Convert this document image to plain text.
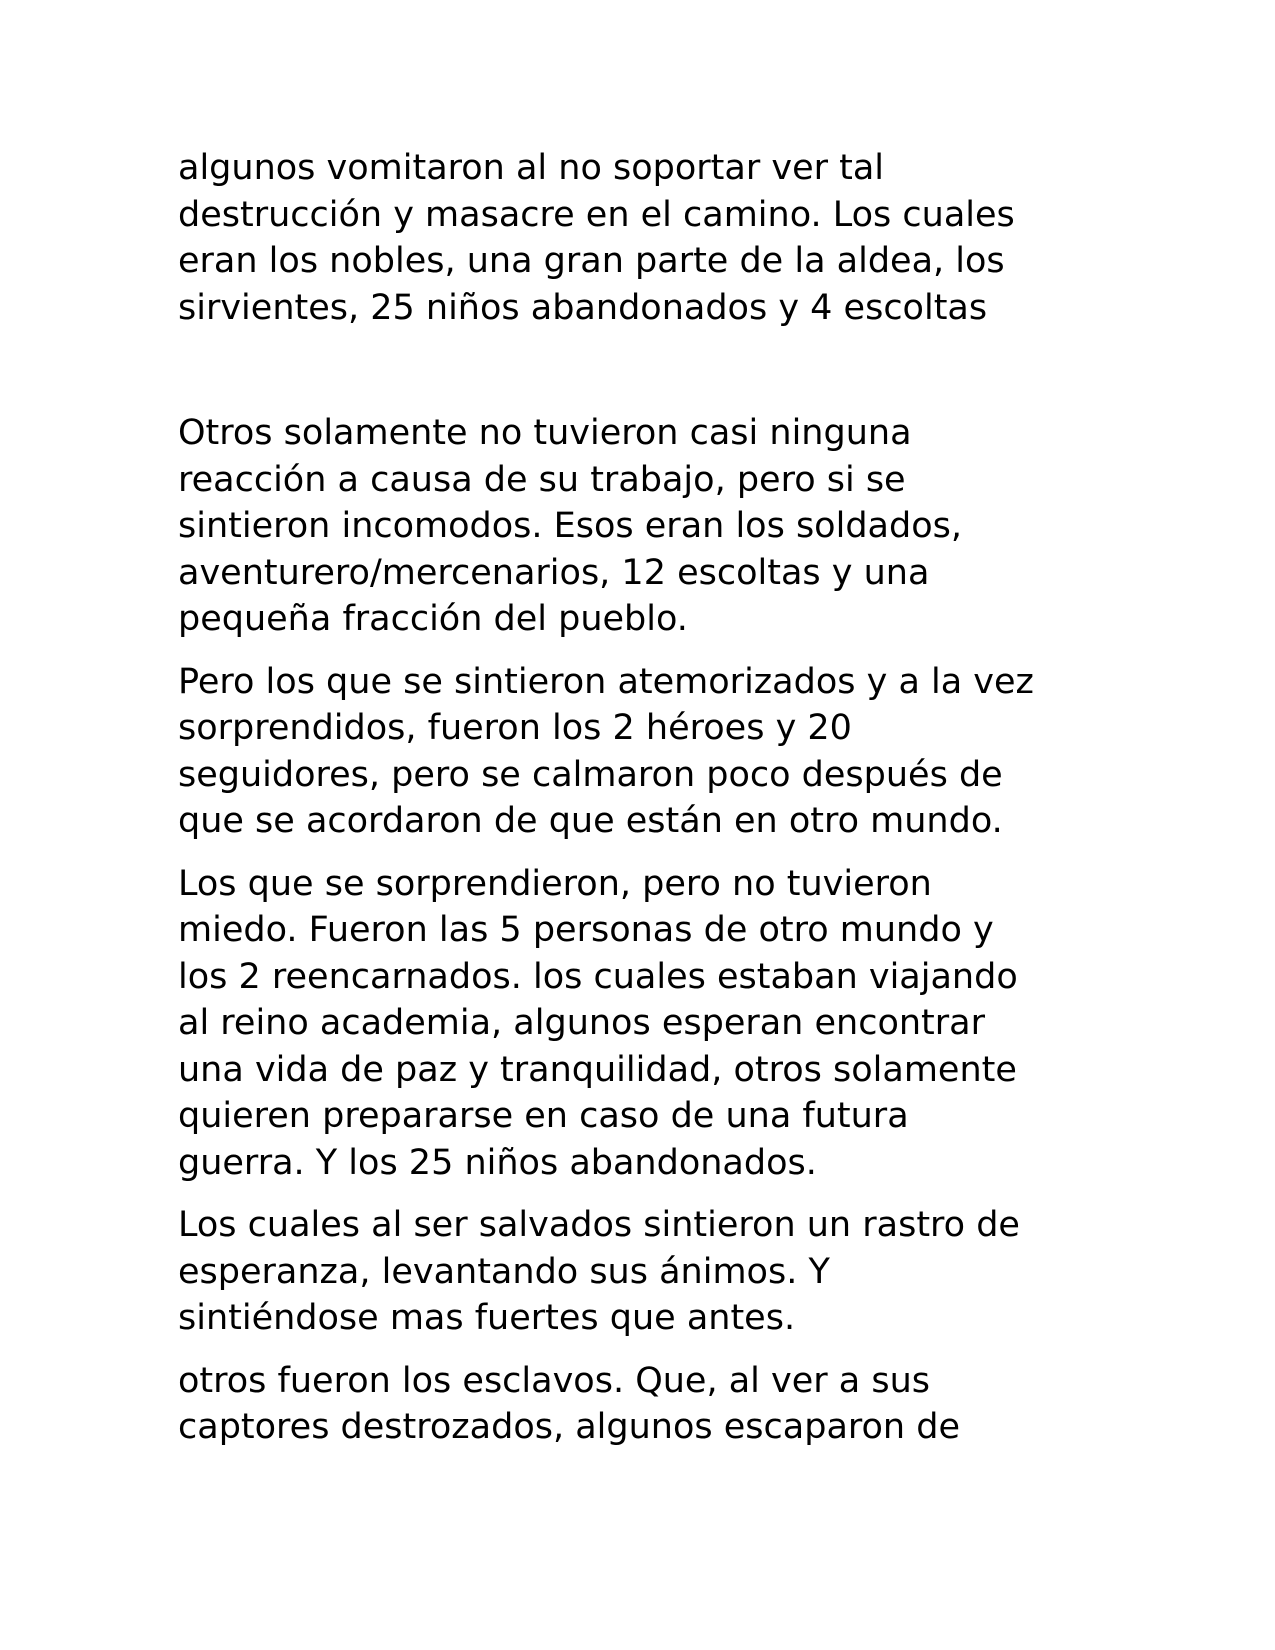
algunos vomitaron al no soportar ver tal
destrucción y masacre en el camino. Los cuales
eran los nobles, una gran parte de la aldea, los
sirvientes, 25 niños abandonados y 4 escoltas

Otros solamente no tuvieron casi ninguna
reacción a causa de su trabajo, pero si se
sintieron incomodos. Esos eran los soldados,
aventurero/mercenarios, 12 escoltas y una
pequeña fracción del pueblo.

Pero los que se sintieron atemorizados y a la vez
sorprendidos, fueron los 2 héroes y 20
seguidores, pero se calmaron poco después de
que se acordaron de que están en otro mundo.

Los que se sorprendieron, pero no tuvieron
miedo. Fueron las 5 personas de otro mundo y
los 2 reencarnados. los cuales estaban viajando
al reino academia, algunos esperan encontrar
una vida de paz y tranquilidad, otros solamente
quieren prepararse en caso de una futura
guerra. Y los 25 niños abandonados.

Los cuales al ser salvados sintieron un rastro de
esperanza, levantando sus ánimos. Y
sintiéndose mas fuertes que antes.

otros fueron los esclavos. Que, al ver a sus
captores destrozados, algunos escaparon de
